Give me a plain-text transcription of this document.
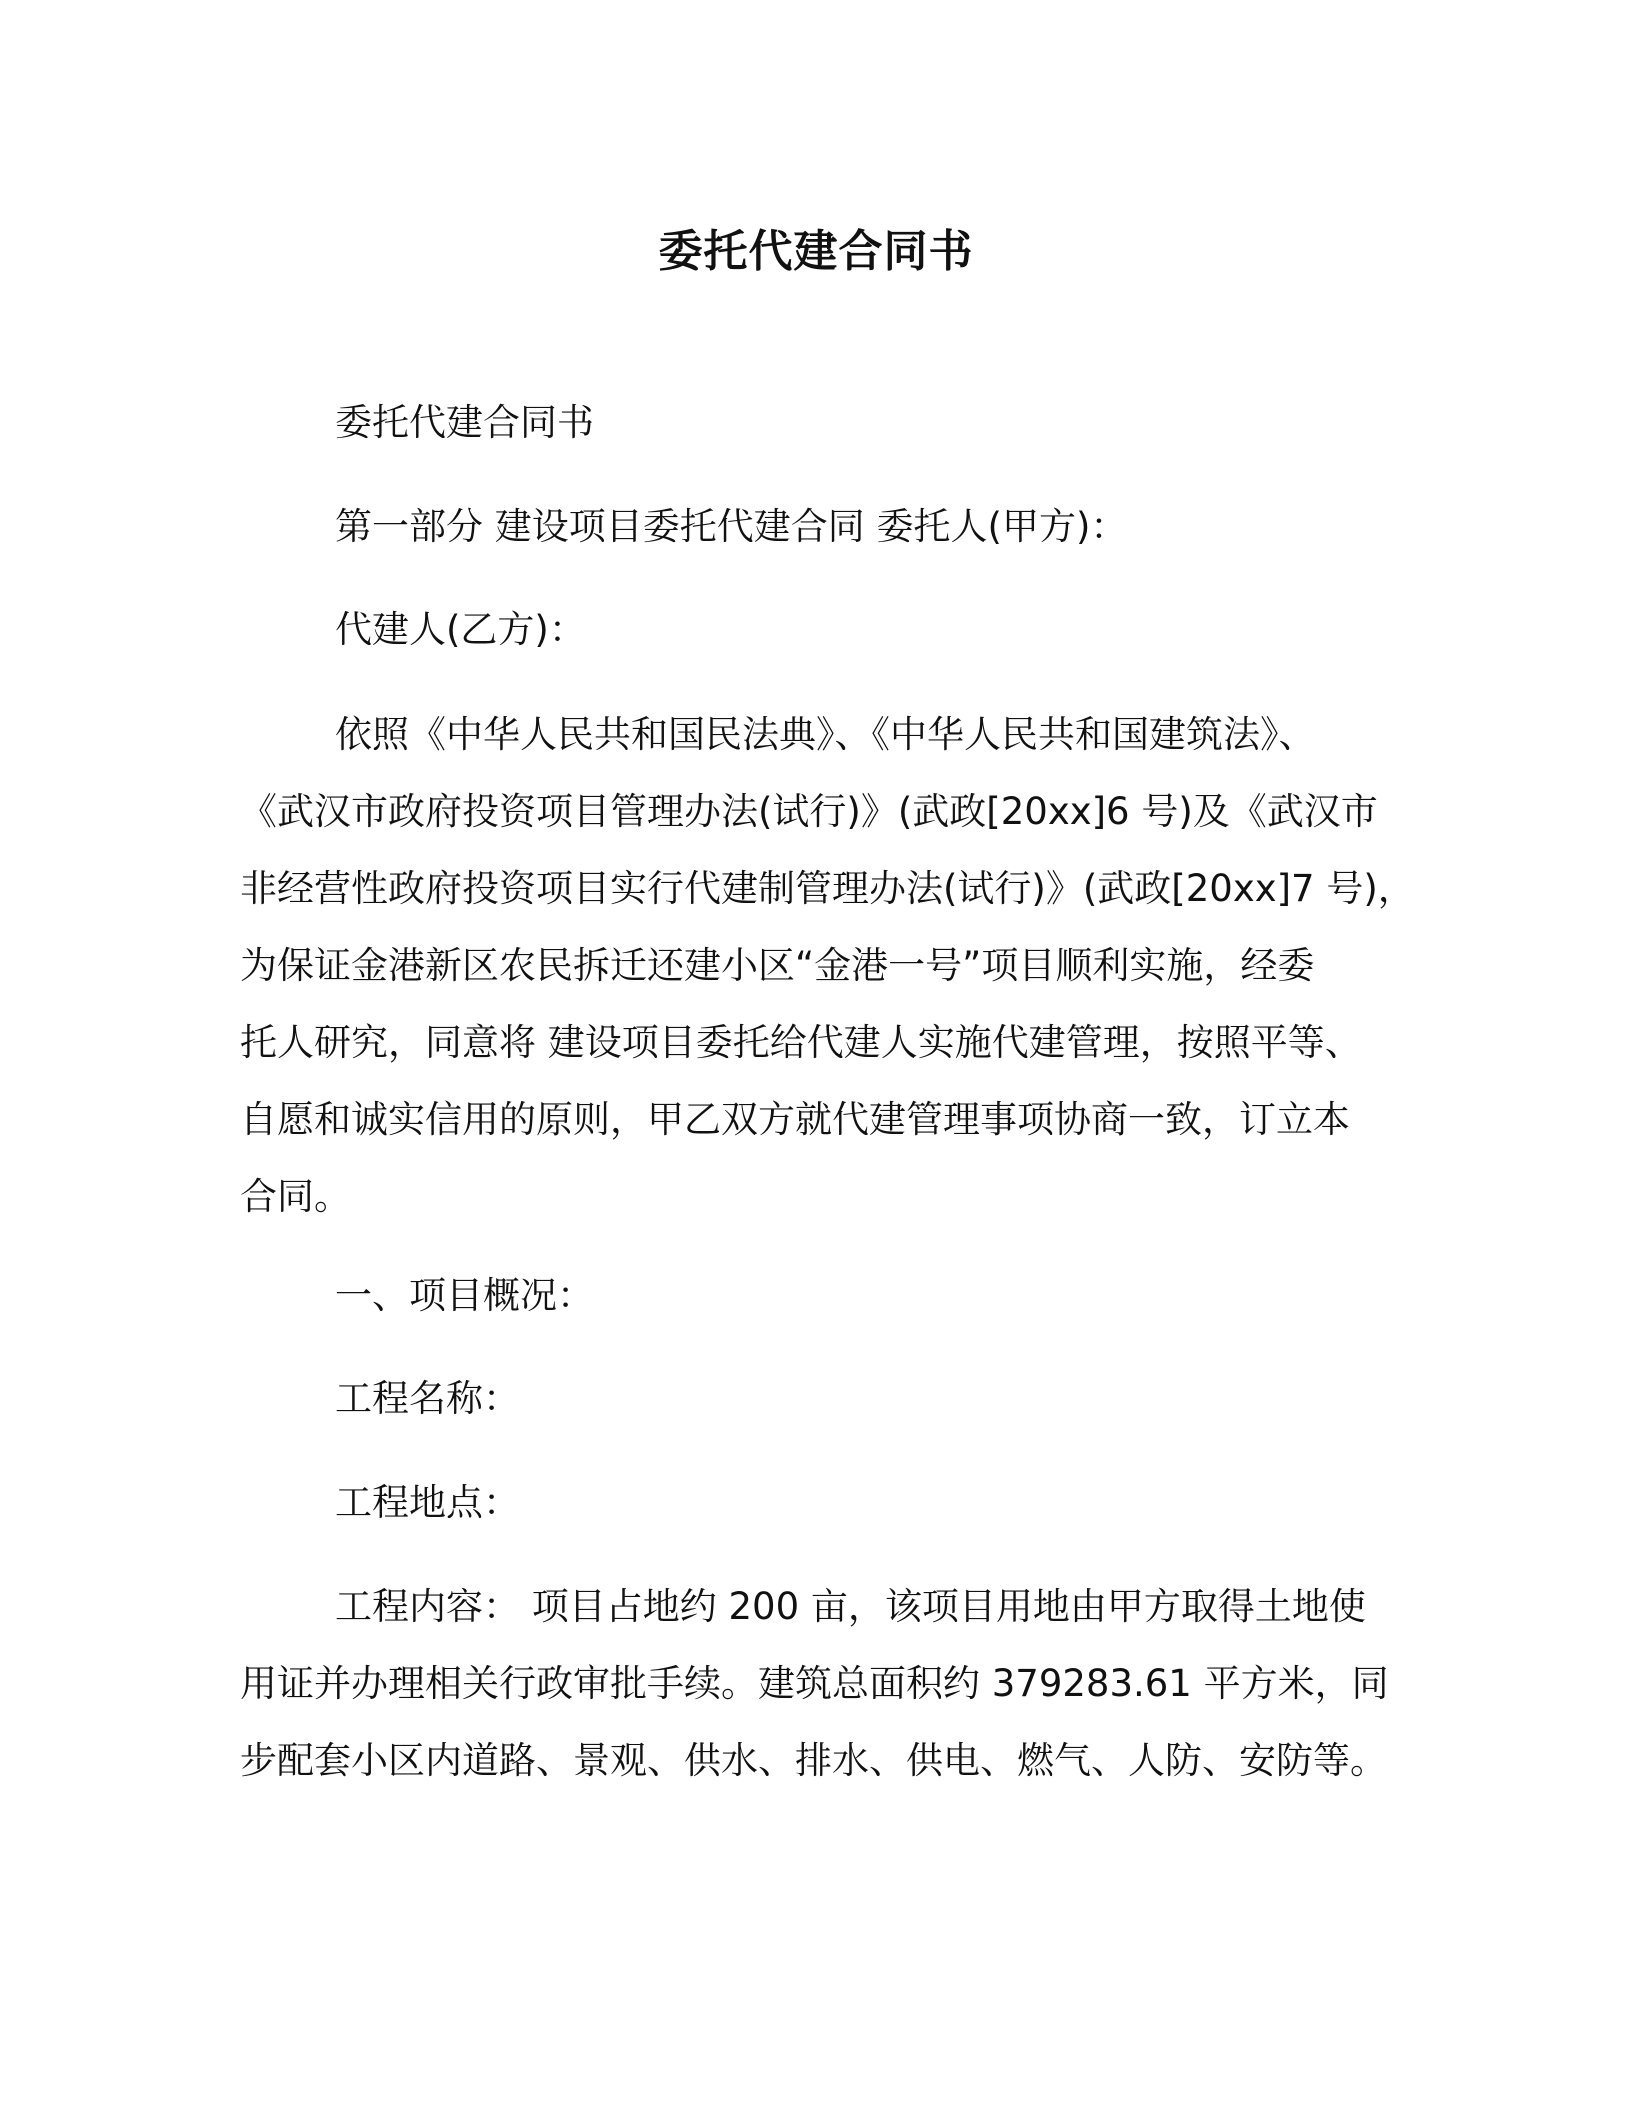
委托代建合同书
委托代建合同书
第一部分 建设项目委托代建合同 委托人(甲方)：
代建人(乙方)：
依照《中华人民共和国民法典》、《中华人民共和国建筑法》、
《武汉市政府投资项目管理办法(试行)》(武政[20xx]6 号)及《武汉市
非经营性政府投资项目实行代建制管理办法(试行)》(武政[20xx]7 号)，
为保证金港新区农民拆迁还建小区“金港一号”项目顺利实施，经委
托人研究，同意将 建设项目委托给代建人实施代建管理，按照平等、
自愿和诚实信用的原则，甲乙双方就代建管理事项协商一致，订立本
合同。
一、项目概况：
工程名称：
工程地点：
工程内容： 项目占地约 200 亩，该项目用地由甲方取得土地使
用证并办理相关行政审批手续。建筑总面积约 379283.61 平方米，同
步配套小区内道路、景观、供水、排水、供电、燃气、人防、安防等。
